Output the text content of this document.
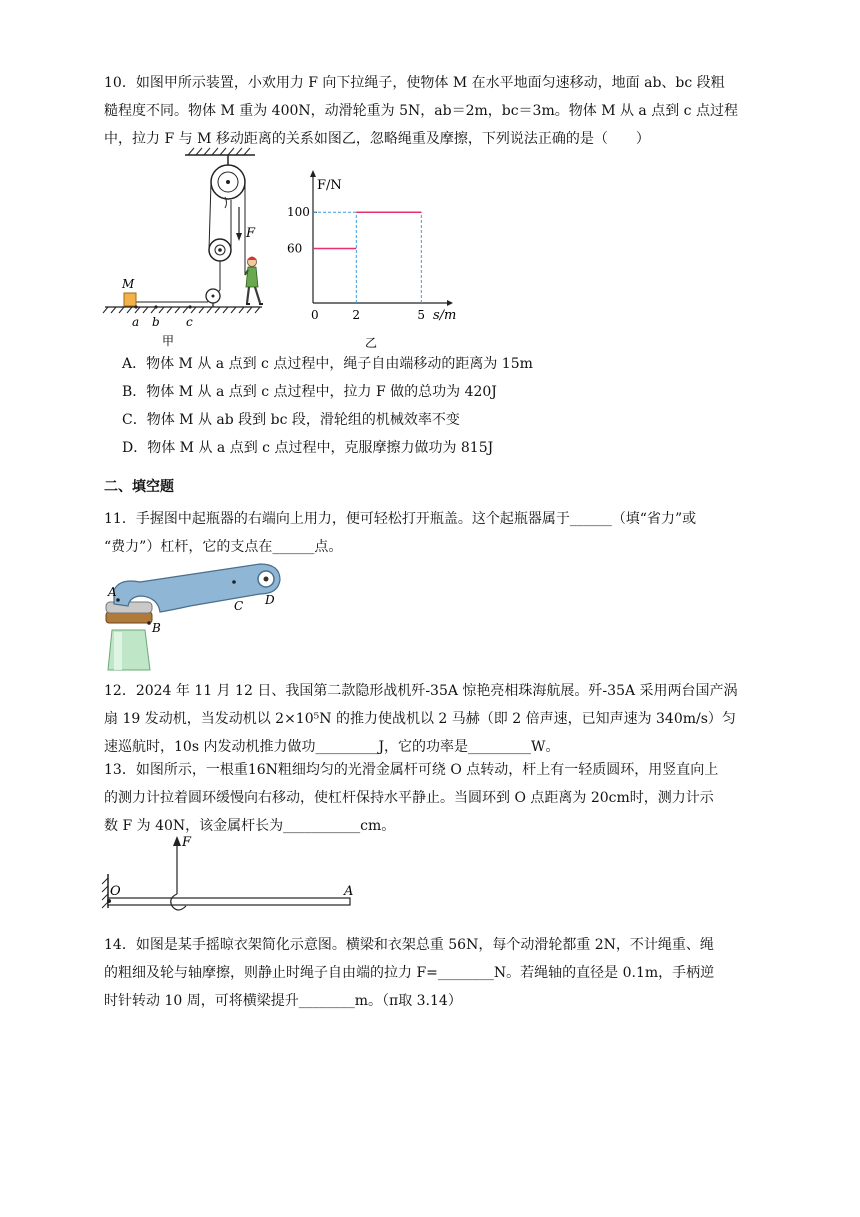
10．如图甲所示装置，小欢用力 F 向下拉绳子，使物体 M 在水平地面匀速移动，地面 ab、bc 段粗
糙程度不同。物体 M 重为 400N，动滑轮重为 5N，ab＝2m，bc＝3m。物体 M 从 a 点到 c 点过程
中，拉力 F 与 M 移动距离的关系如图乙，忽略绳重及摩擦，下列说法正确的是（　　）
F
M
a b c
甲
F/N
s/m
0
乙
2	5
60
100
A．物体 M 从 a 点到 c 点过程中，绳子自由端移动的距离为 15m
B．物体 M 从 a 点到 c 点过程中，拉力 F 做的总功为 420J
C．物体 M 从 ab 段到 bc 段，滑轮组的机械效率不变
D．物体 M 从 a 点到 c 点过程中，克服摩擦力做功为 815J
二、填空题
11．手握图中起瓶器的右端向上用力，便可轻松打开瓶盖。这个起瓶器属于______（填“省力”或
“费力”）杠杆，它的支点在______点。
A
B
C D
12．2024 年 11 月 12 日、我国第二款隐形战机歼-35A 惊艳亮相珠海航展。歼-35A 采用两台国产涡
扇 19 发动机，当发动机以 2×10⁵N 的推力使战机以 2 马赫（即 2 倍声速，已知声速为 340m/s）匀
速巡航时，10s 内发动机推力做功_________J，它的功率是_________W。
13．如图所示，一根重16N粗细均匀的光滑金属杆可绕 O 点转动，杆上有一轻质圆环，用竖直向上
的测力计拉着圆环缓慢向右移动，使杠杆保持水平静止。当圆环到 O 点距离为 20cm时，测力计示
数 F 为 40N，该金属杆长为___________cm。
O	A
F
14．如图是某手摇晾衣架简化示意图。横梁和衣架总重 56N，每个动滑轮都重 2N，不计绳重、绳
的粗细及轮与轴摩擦，则静止时绳子自由端的拉力 F=________N。若绳轴的直径是 0.1m，手柄逆
时针转动 10 周，可将横梁提升________m。（π取 3.14）
